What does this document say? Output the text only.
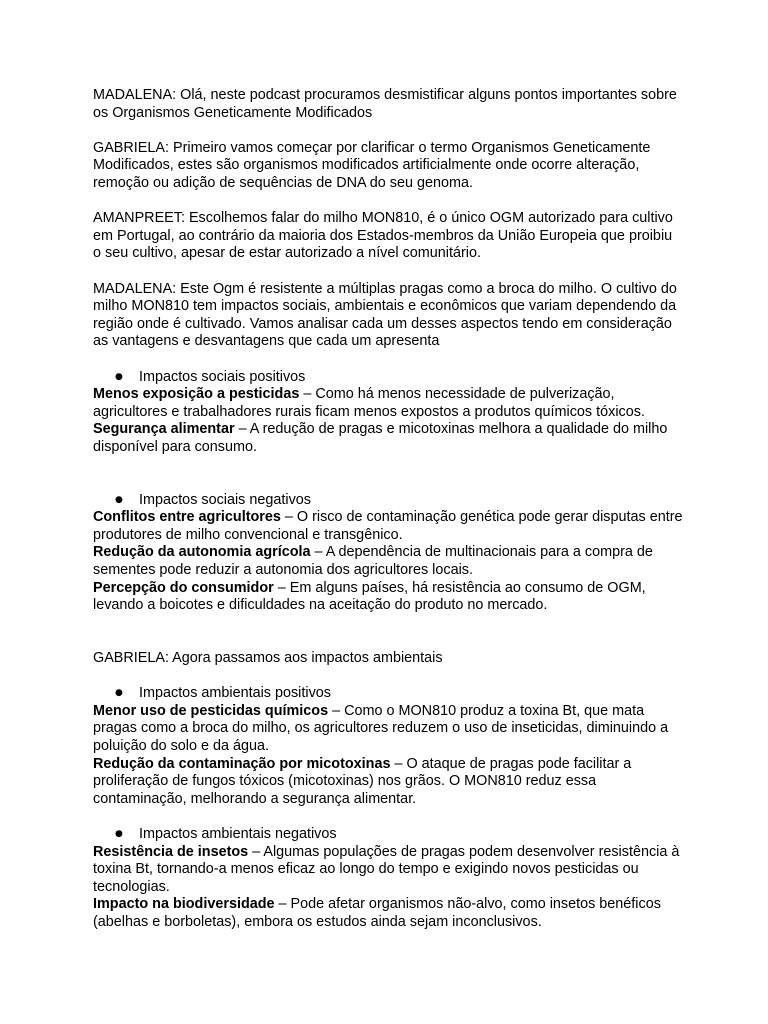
MADALENA: Olá, neste podcast procuramos desmistificar alguns pontos importantes sobre os Organismos Geneticamente Modificados

GABRIELA: Primeiro vamos começar por clarificar o termo Organismos Geneticamente Modificados, estes são organismos modificados artificialmente onde ocorre alteração, remoção ou adição de sequências de DNA do seu genoma.

AMANPREET: Escolhemos falar do milho MON810, é o único OGM autorizado para cultivo em Portugal, ao contrário da maioria dos Estados-membros da União Europeia que proibiu o seu cultivo, apesar de estar autorizado a nível comunitário.

MADALENA: Este Ogm é resistente a múltiplas pragas como a broca do milho. O cultivo do milho MON810 tem impactos sociais, ambientais e econômicos que variam dependendo da região onde é cultivado. Vamos analisar cada um desses aspectos tendo em consideração as vantagens e desvantagens que cada um apresenta

● Impactos sociais positivos

Menos exposição a pesticidas – Como há menos necessidade de pulverização, agricultores e trabalhadores rurais ficam menos expostos a produtos químicos tóxicos.

Segurança alimentar – A redução de pragas e micotoxinas melhora a qualidade do milho disponível para consumo.

● Impactos sociais negativos

Conflitos entre agricultores – O risco de contaminação genética pode gerar disputas entre produtores de milho convencional e transgênico.

Redução da autonomia agrícola – A dependência de multinacionais para a compra de sementes pode reduzir a autonomia dos agricultores locais.

Percepção do consumidor – Em alguns países, há resistência ao consumo de OGM, levando a boicotes e dificuldades na aceitação do produto no mercado.

GABRIELA: Agora passamos aos impactos ambientais

● Impactos ambientais positivos

Menor uso de pesticidas químicos – Como o MON810 produz a toxina Bt, que mata pragas como a broca do milho, os agricultores reduzem o uso de inseticidas, diminuindo a poluição do solo e da água.

Redução da contaminação por micotoxinas – O ataque de pragas pode facilitar a proliferação de fungos tóxicos (micotoxinas) nos grãos. O MON810 reduz essa contaminação, melhorando a segurança alimentar.

● Impactos ambientais negativos

Resistência de insetos – Algumas populações de pragas podem desenvolver resistência à toxina Bt, tornando-a menos eficaz ao longo do tempo e exigindo novos pesticidas ou tecnologias.

Impacto na biodiversidade – Pode afetar organismos não-alvo, como insetos benéficos (abelhas e borboletas), embora os estudos ainda sejam inconclusivos.
